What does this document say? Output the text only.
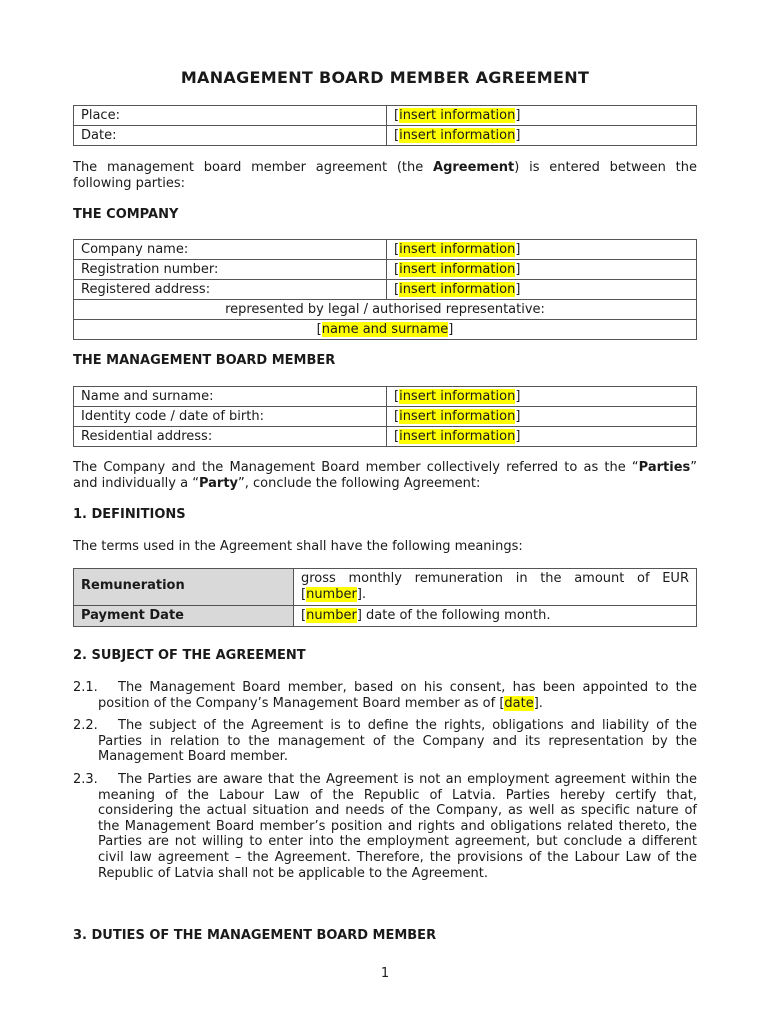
MANAGEMENT BOARD MEMBER AGREEMENT
Place:	[insert information]
Date:	[insert information]
The management board member agreement (the Agreement) is entered between the following parties:
THE COMPANY
Company name:	[insert information]
Registration number:	[insert information]
Registered address:	[insert information]
represented by legal / authorised representative:	
[name and surname]	
THE MANAGEMENT BOARD MEMBER
Name and surname:	[insert information]
Identity code / date of birth:	[insert information]
Residential address:	[insert information]
The Company and the Management Board member collectively referred to as the “Parties” and individually a “Party”, conclude the following Agreement:
1. DEFINITIONS
The terms used in the Agreement shall have the following meanings:
Remuneration	gross monthly remuneration in the amount of EUR [number].
Payment Date	[number] date of the following month.
2. SUBJECT OF THE AGREEMENT
2.1. The Management Board member, based on his consent, has been appointed to the position of the Company’s Management Board member as of [date].
2.2. The subject of the Agreement is to define the rights, obligations and liability of the Parties in relation to the management of the Company and its representation by the Management Board member.
2.3. The Parties are aware that the Agreement is not an employment agreement within the meaning of the Labour Law of the Republic of Latvia. Parties hereby certify that, considering the actual situation and needs of the Company, as well as specific nature of the Management Board member’s position and rights and obligations related thereto, the Parties are not willing to enter into the employment agreement, but conclude a different civil law agreement – the Agreement. Therefore, the provisions of the Labour Law of the Republic of Latvia shall not be applicable to the Agreement.
3. DUTIES OF THE MANAGEMENT BOARD MEMBER
1
